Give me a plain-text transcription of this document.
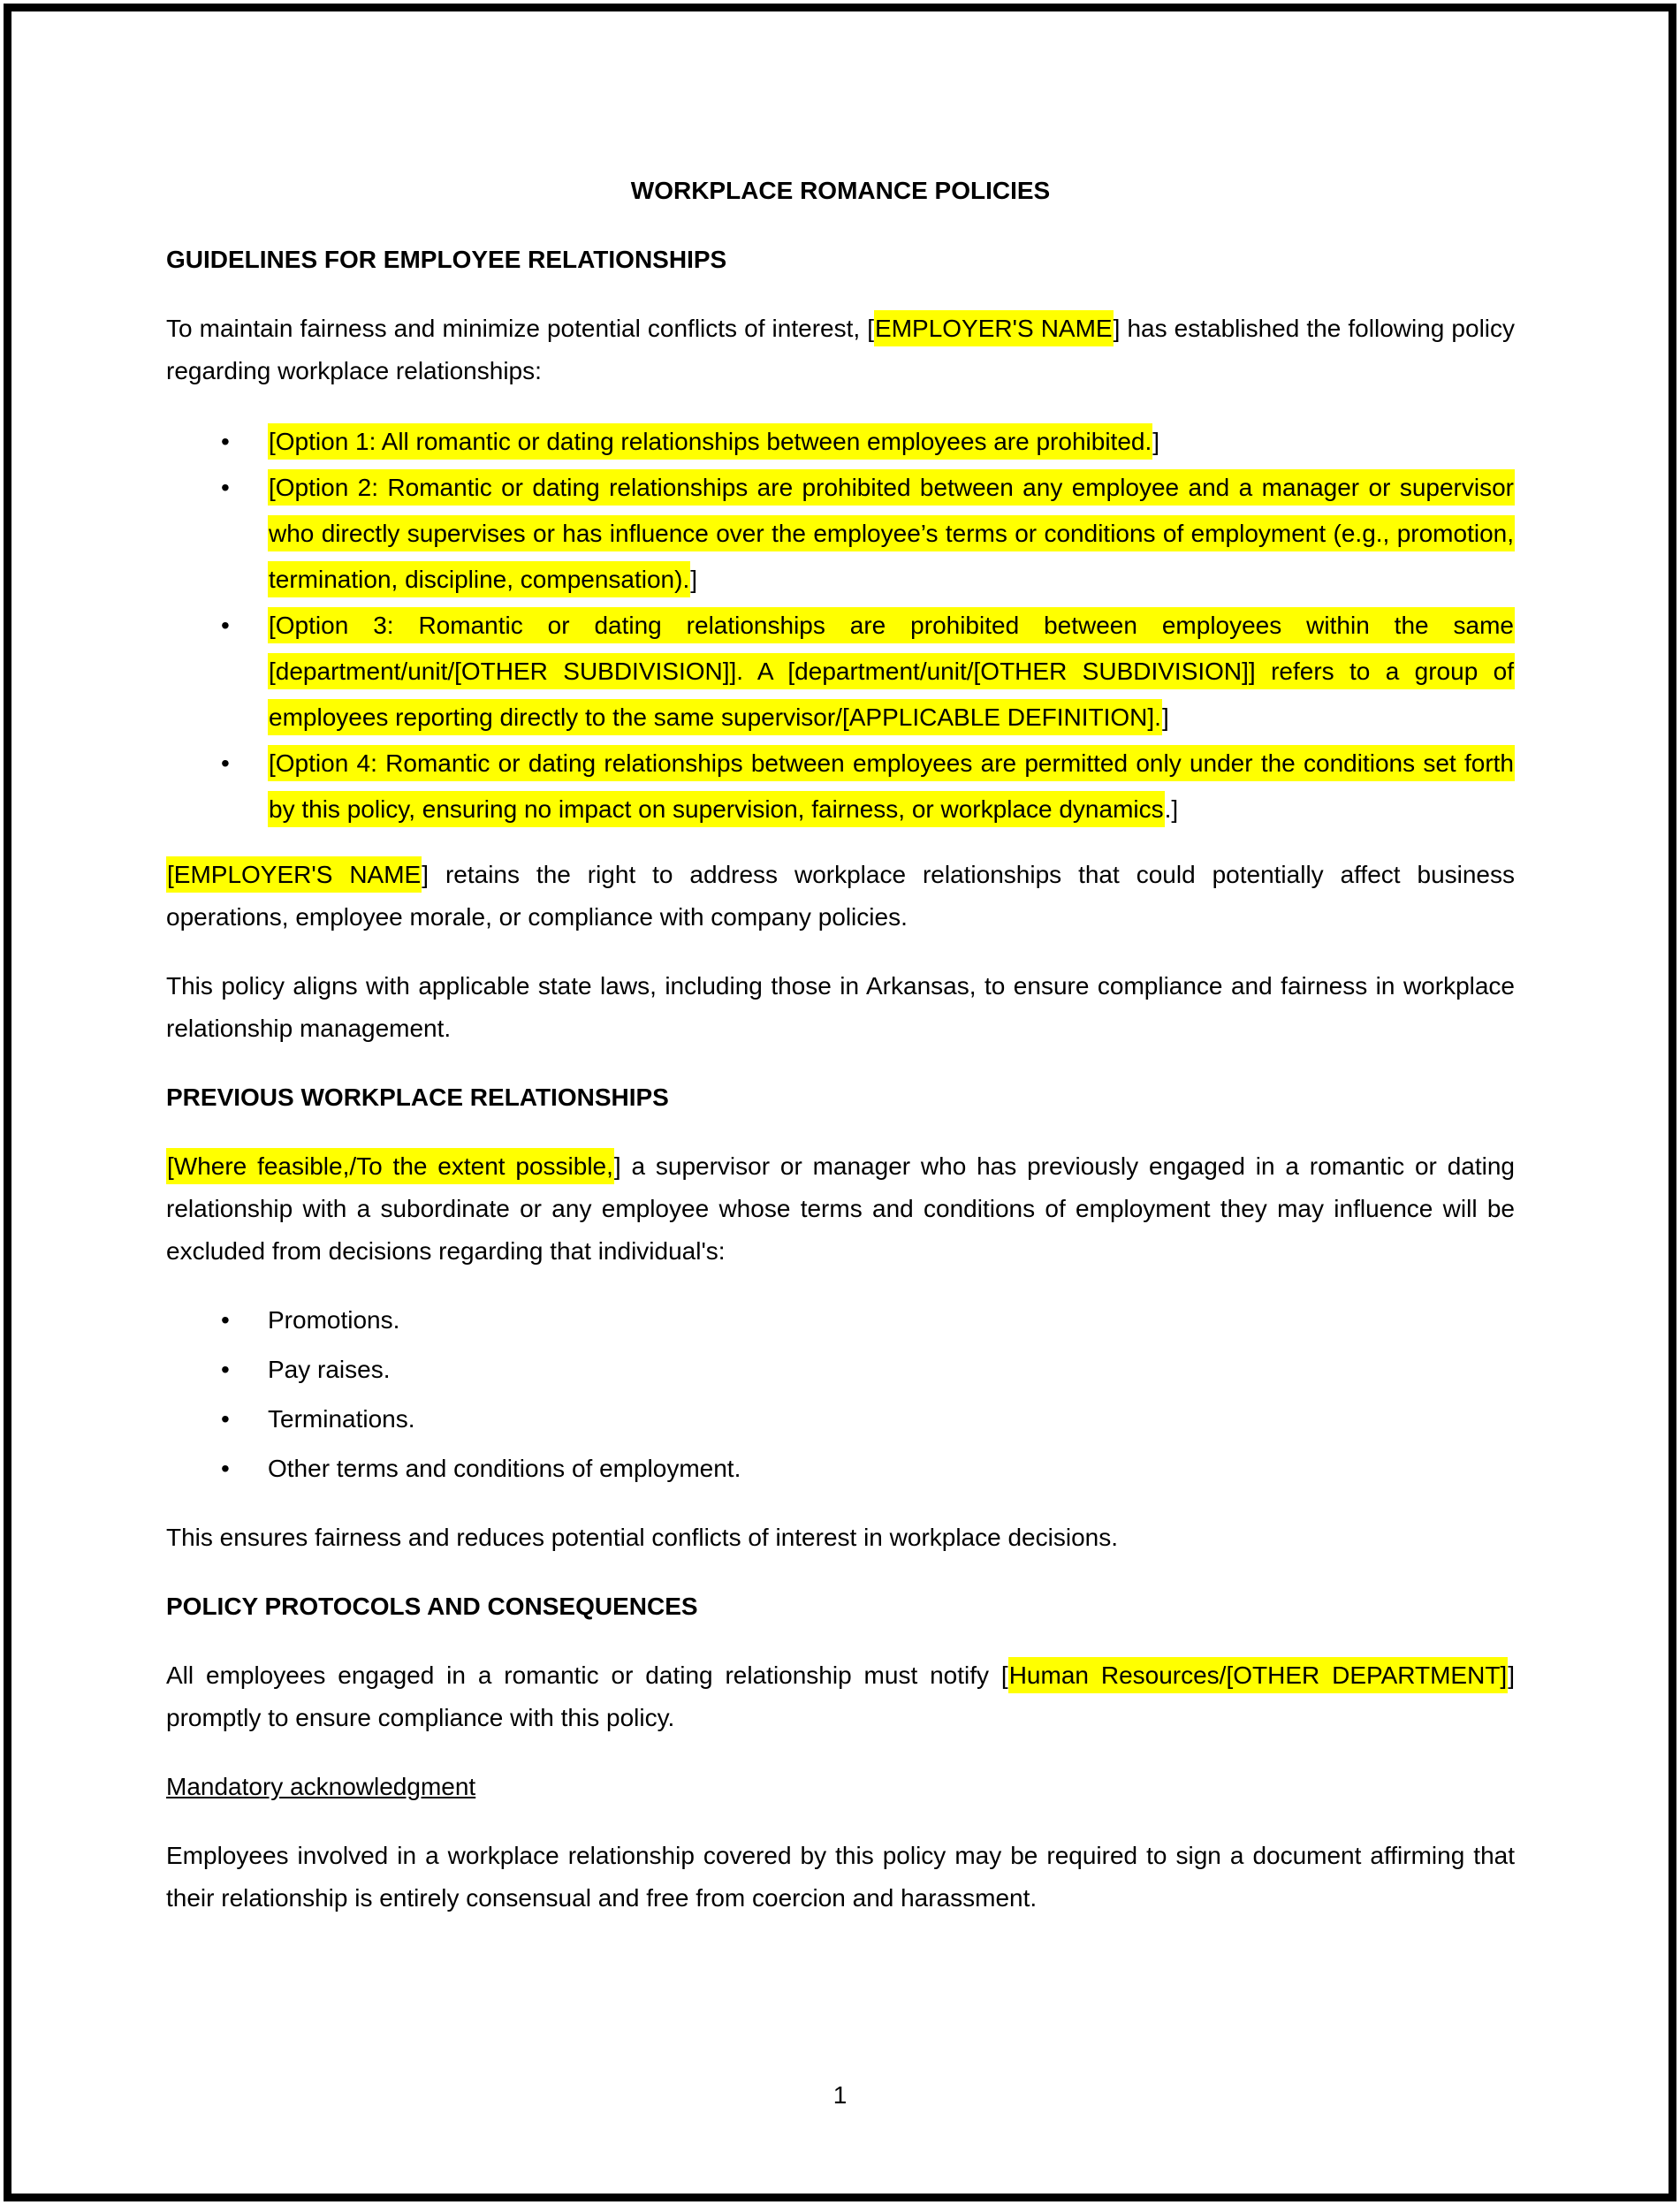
WORKPLACE ROMANCE POLICIES

GUIDELINES FOR EMPLOYEE RELATIONSHIPS

To maintain fairness and minimize potential conflicts of interest, [EMPLOYER'S NAME] has established the following policy regarding workplace relationships:

• [Option 1: All romantic or dating relationships between employees are prohibited.]
• [Option 2: Romantic or dating relationships are prohibited between any employee and a manager or supervisor who directly supervises or has influence over the employee’s terms or conditions of employment (e.g., promotion, termination, discipline, compensation).]
• [Option 3: Romantic or dating relationships are prohibited between employees within the same [department/unit/[OTHER SUBDIVISION]]. A [department/unit/[OTHER SUBDIVISION]] refers to a group of employees reporting directly to the same supervisor/[APPLICABLE DEFINITION].]
• [Option 4: Romantic or dating relationships between employees are permitted only under the conditions set forth by this policy, ensuring no impact on supervision, fairness, or workplace dynamics.]

[EMPLOYER'S NAME] retains the right to address workplace relationships that could potentially affect business operations, employee morale, or compliance with company policies.

This policy aligns with applicable state laws, including those in Arkansas, to ensure compliance and fairness in workplace relationship management.

PREVIOUS WORKPLACE RELATIONSHIPS

[Where feasible,/To the extent possible,] a supervisor or manager who has previously engaged in a romantic or dating relationship with a subordinate or any employee whose terms and conditions of employment they may influence will be excluded from decisions regarding that individual's:

• Promotions.
• Pay raises.
• Terminations.
• Other terms and conditions of employment.

This ensures fairness and reduces potential conflicts of interest in workplace decisions.

POLICY PROTOCOLS AND CONSEQUENCES

All employees engaged in a romantic or dating relationship must notify [Human Resources/[OTHER DEPARTMENT]] promptly to ensure compliance with this policy.

Mandatory acknowledgment

Employees involved in a workplace relationship covered by this policy may be required to sign a document affirming that their relationship is entirely consensual and free from coercion and harassment.

1
